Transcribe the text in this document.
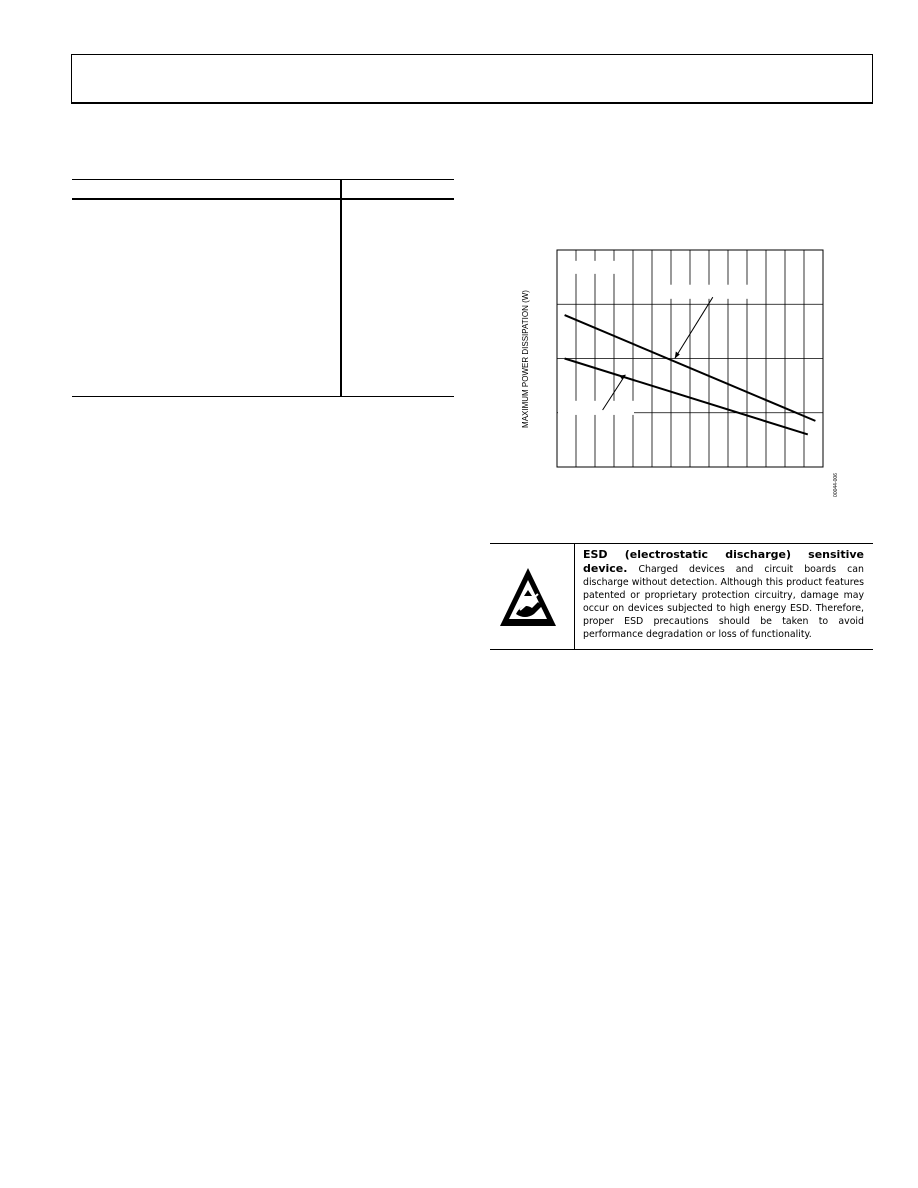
MAXIMUM POWER DISSIPATION (W)
00044-006

ESD (electrostatic discharge) sensitive device. Charged devices and circuit boards can discharge without detection. Although this product features patented or proprietary protection circuitry, damage may occur on devices subjected to high energy ESD. Therefore, proper ESD precautions should be taken to avoid performance degradation or loss of functionality.
